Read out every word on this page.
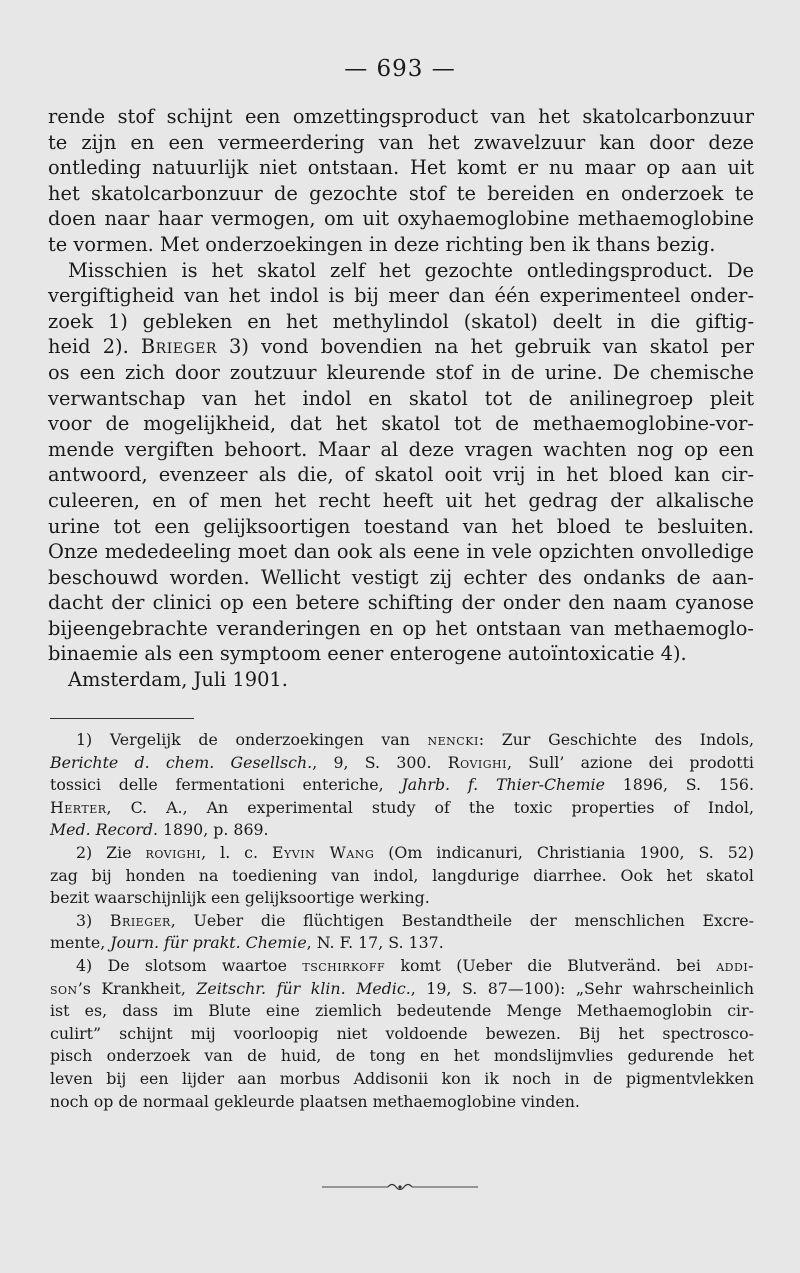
— 693 —
rende stof schijnt een omzettingsproduct van het skatolcarbonzuur
te zijn en een vermeerdering van het zwavelzuur kan door deze
ontleding natuurlijk niet ontstaan. Het komt er nu maar op aan uit
het skatolcarbonzuur de gezochte stof te bereiden en onderzoek te
doen naar haar vermogen, om uit oxyhaemoglobine methaemoglobine
te vormen. Met onderzoekingen in deze richting ben ik thans bezig.
Misschien is het skatol zelf het gezochte ontledingsproduct. De
vergiftigheid van het indol is bij meer dan één experimenteel onder-
zoek 1) gebleken en het methylindol (skatol) deelt in die giftig-
heid 2). Brieger 3) vond bovendien na het gebruik van skatol per
os een zich door zoutzuur kleurende stof in de urine. De chemische
verwantschap van het indol en skatol tot de anilinegroep pleit
voor de mogelijkheid, dat het skatol tot de methaemoglobine-vor-
mende vergiften behoort. Maar al deze vragen wachten nog op een
antwoord, evenzeer als die, of skatol ooit vrij in het bloed kan cir-
culeeren, en of men het recht heeft uit het gedrag der alkalische
urine tot een gelijksoortigen toestand van het bloed te besluiten.
Onze mededeeling moet dan ook als eene in vele opzichten onvolledige
beschouwd worden. Wellicht vestigt zij echter des ondanks de aan-
dacht der clinici op een betere schifting der onder den naam cyanose
bijeengebrachte veranderingen en op het ontstaan van methaemoglo-
binaemie als een symptoom eener enterogene autoïntoxicatie 4).
Amsterdam, Juli 1901.
1) Vergelijk de onderzoekingen van nencki: Zur Geschichte des Indols,
Berichte d. chem. Gesellsch., 9, S. 300. Rovighi, Sull’ azione dei prodotti
tossici delle fermentationi enteriche, Jahrb. f. Thier-Chemie 1896, S. 156.
Herter, C. A., An experimental study of the toxic properties of Indol,
Med. Record. 1890, p. 869.
2) Zie rovighi, l. c. Eyvin Wang (Om indicanuri, Christiania 1900, S. 52)
zag bij honden na toediening van indol, langdurige diarrhee. Ook het skatol
bezit waarschijnlijk een gelijksoortige werking.
3) Brieger, Ueber die flüchtigen Bestandtheile der menschlichen Excre-
mente, Journ. für prakt. Chemie, N. F. 17, S. 137.
4) De slotsom waartoe tschirkoff komt (Ueber die Blutveränd. bei addi-
son’s Krankheit, Zeitschr. für klin. Medic., 19, S. 87—100): „Sehr wahrscheinlich
ist es, dass im Blute eine ziemlich bedeutende Menge Methaemoglobin cir-
culirt” schijnt mij voorloopig niet voldoende bewezen. Bij het spectrosco-
pisch onderzoek van de huid, de tong en het mondslijmvlies gedurende het
leven bij een lijder aan morbus Addisonii kon ik noch in de pigmentvlekken
noch op de normaal gekleurde plaatsen methaemoglobine vinden.
